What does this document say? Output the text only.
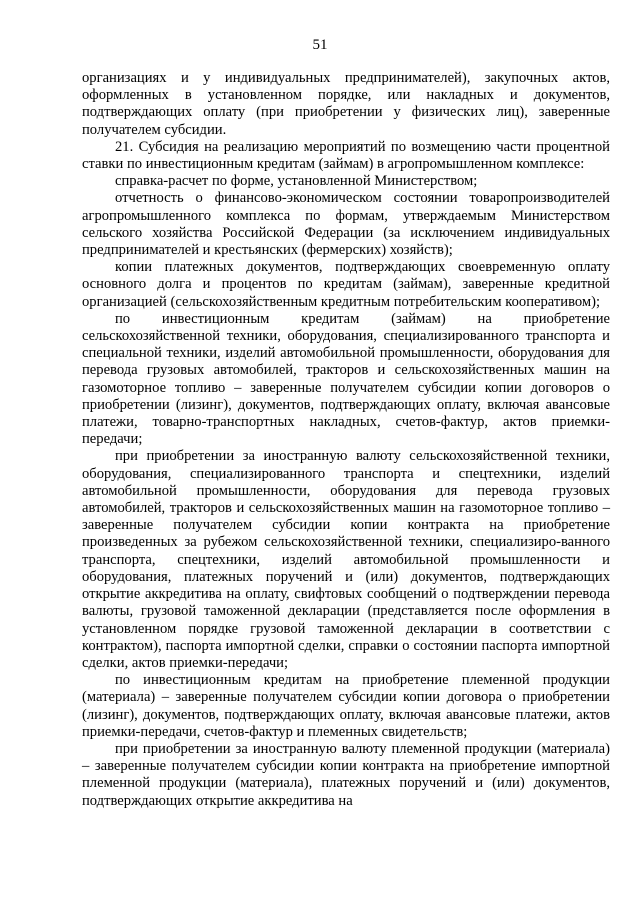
51

организациях и у индивидуальных предпринимателей), закупочных актов, оформленных в установленном порядке, или накладных и документов, подтверждающих оплату (при приобретении у физических лиц), заверенные получателем субсидии.

21. Субсидия на реализацию мероприятий по возмещению части процентной ставки по инвестиционным кредитам (займам) в агропромышленном комплексе:

справка-расчет по форме, установленной Министерством;

отчетность о финансово-экономическом состоянии товаропроизводителей агропромышленного комплекса по формам, утверждаемым Министерством сельского хозяйства Российской Федерации (за исключением индивидуальных предпринимателей и крестьянских (фермерских) хозяйств);

копии платежных документов, подтверждающих своевременную оплату основного долга и процентов по кредитам (займам), заверенные кредитной организацией (сельскохозяйственным кредитным потребительским кооперативом);

по инвестиционным кредитам (займам) на приобретение сельскохозяйственной техники, оборудования, специализированного транспорта и специальной техники, изделий автомобильной промышленности, оборудования для перевода грузовых автомобилей, тракторов и сельскохозяйственных машин на газомоторное топливо – заверенные получателем субсидии копии договоров о приобретении (лизинг), документов, подтверждающих оплату, включая авансовые платежи, товарно-транспортных накладных, счетов-фактур, актов приемки-передачи;

при приобретении за иностранную валюту сельскохозяйственной техники, оборудования, специализированного транспорта и спецтехники, изделий автомобильной промышленности, оборудования для перевода грузовых автомобилей, тракторов и сельскохозяйственных машин на газомоторное топливо – заверенные получателем субсидии копии контракта на приобретение произведенных за рубежом сельскохозяйственной техники, специализиро-ванного транспорта, спецтехники, изделий автомобильной промышленности и оборудования, платежных поручений и (или) документов, подтверждающих открытие аккредитива на оплату, свифтовых сообщений о подтверждении перевода валюты, грузовой таможенной декларации (представляется после оформления в установленном порядке грузовой таможенной декларации в соответствии с контрактом), паспорта импортной сделки, справки о состоянии паспорта импортной сделки, актов приемки-передачи;

по инвестиционным кредитам на приобретение племенной продукции (материала) – заверенные получателем субсидии копии договора о приобретении (лизинг), документов, подтверждающих оплату, включая авансовые платежи, актов приемки-передачи, счетов-фактур и племенных свидетельств;

при приобретении за иностранную валюту племенной продукции (материала) – заверенные получателем субсидии копии контракта на приобретение импортной племенной продукции (материала), платежных поручений и (или) документов, подтверждающих открытие аккредитива на
